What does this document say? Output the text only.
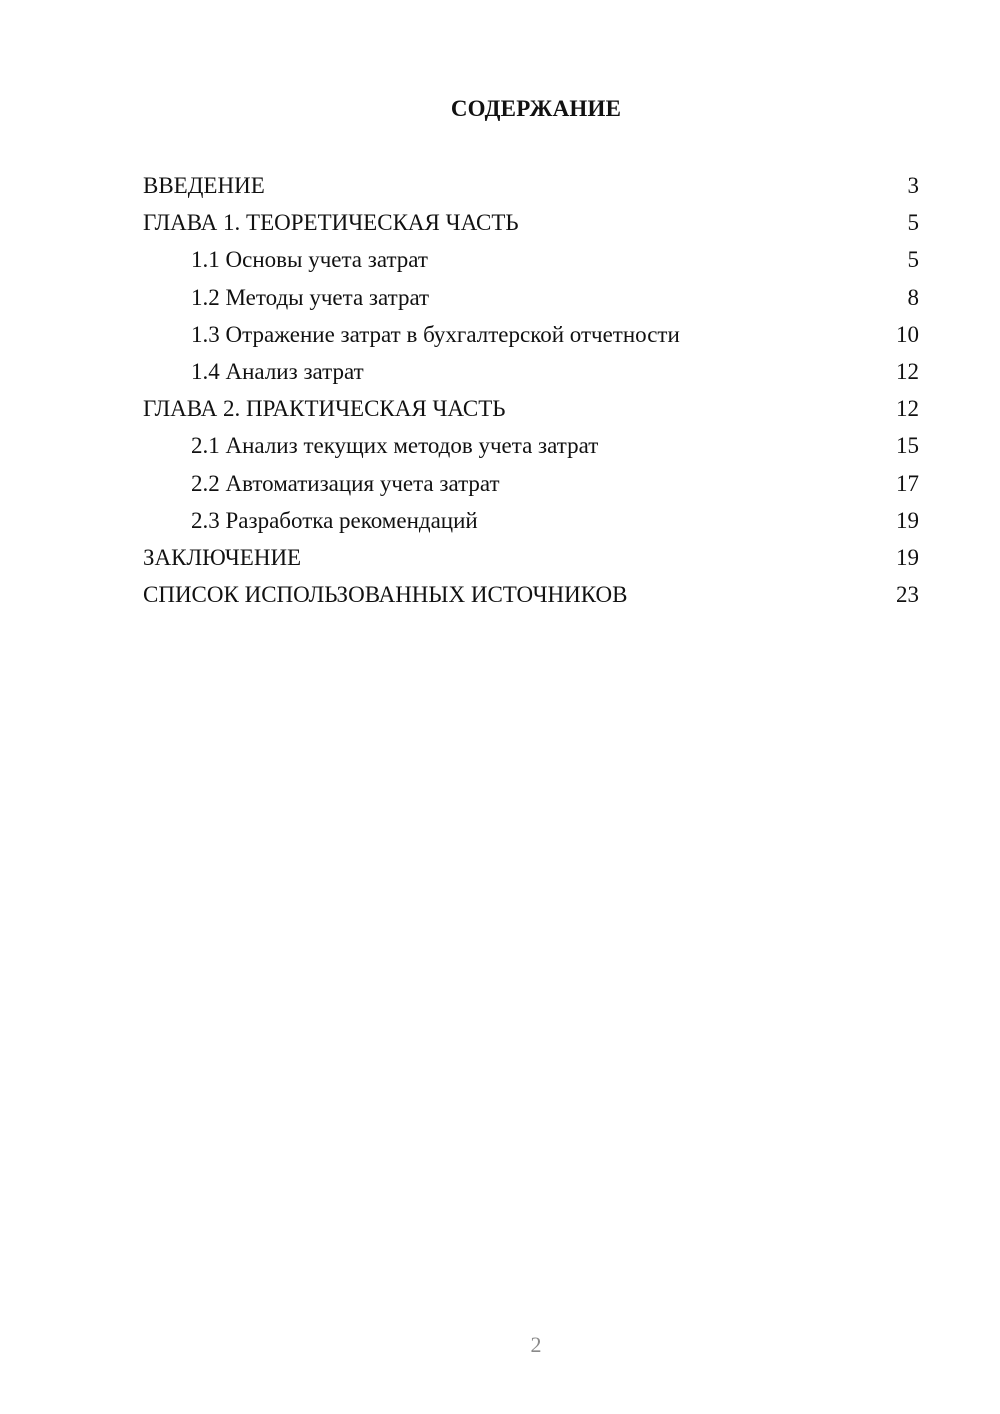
СОДЕРЖАНИЕ
ВВЕДЕНИЕ	3
ГЛАВА 1. ТЕОРЕТИЧЕСКАЯ ЧАСТЬ	5
1.1 Основы учета затрат	5
1.2 Методы учета затрат	8
1.3 Отражение затрат в бухгалтерской отчетности	10
1.4 Анализ затрат	12
ГЛАВА 2. ПРАКТИЧЕСКАЯ ЧАСТЬ	12
2.1 Анализ текущих методов учета затрат	15
2.2 Автоматизация учета затрат	17
2.3 Разработка рекомендаций	19
ЗАКЛЮЧЕНИЕ	19
СПИСОК ИСПОЛЬЗОВАННЫХ ИСТОЧНИКОВ	23
2
